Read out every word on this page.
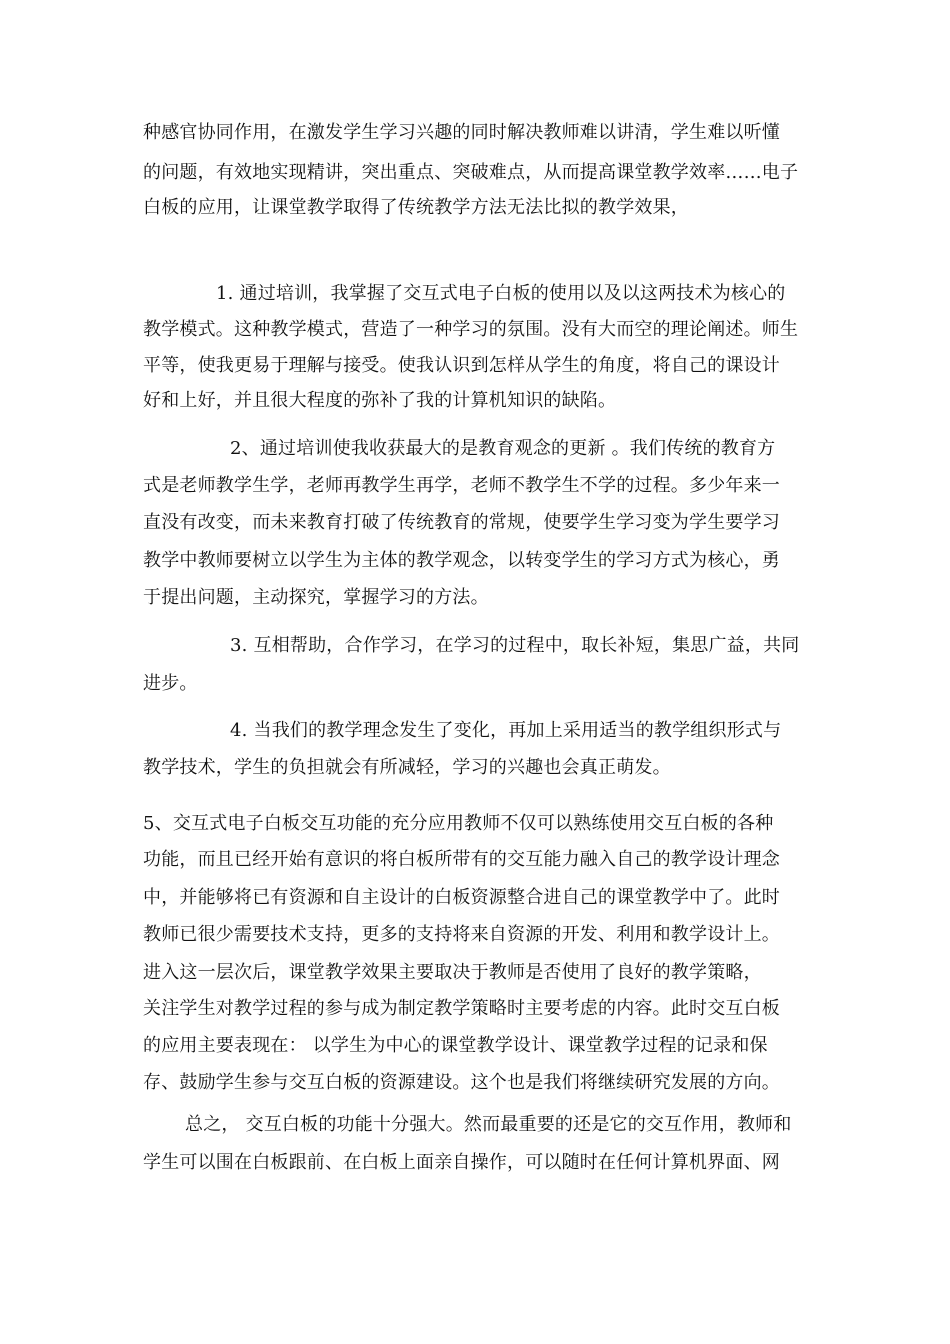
种感官协同作用，在激发学生学习兴趣的同时解决教师难以讲清，学生难以听懂
的问题，有效地实现精讲，突出重点、突破难点，从而提高课堂教学效率……电子
白板的应用，让课堂教学取得了传统教学方法无法比拟的教学效果，
1. 通过培训，我掌握了交互式电子白板的使用以及以这两技术为核心的
教学模式。这种教学模式，营造了一种学习的氛围。没有大而空的理论阐述。师生
平等，使我更易于理解与接受。使我认识到怎样从学生的角度，将自己的课设计
好和上好，并且很大程度的弥补了我的计算机知识的缺陷。
2、通过培训使我收获最大的是教育观念的更新 。我们传统的教育方
式是老师教学生学，老师再教学生再学，老师不教学生不学的过程。多少年来一
直没有改变，而未来教育打破了传统教育的常规，使要学生学习变为学生要学习
教学中教师要树立以学生为主体的教学观念，以转变学生的学习方式为核心，勇
于提出问题，主动探究，掌握学习的方法。
3. 互相帮助，合作学习，在学习的过程中，取长补短，集思广益，共同
进步。
4. 当我们的教学理念发生了变化，再加上采用适当的教学组织形式与
教学技术，学生的负担就会有所减轻，学习的兴趣也会真正萌发。
5、交互式电子白板交互功能的充分应用教师不仅可以熟练使用交互白板的各种
功能，而且已经开始有意识的将白板所带有的交互能力融入自己的教学设计理念
中，并能够将已有资源和自主设计的白板资源整合进自己的课堂教学中了。此时
教师已很少需要技术支持，更多的支持将来自资源的开发、利用和教学设计上。
进入这一层次后，课堂教学效果主要取决于教师是否使用了良好的教学策略，
关注学生对教学过程的参与成为制定教学策略时主要考虑的内容。此时交互白板
的应用主要表现在： 以学生为中心的课堂教学设计、课堂教学过程的记录和保
存、鼓励学生参与交互白板的资源建设。这个也是我们将继续研究发展的方向。
总之， 交互白板的功能十分强大。然而最重要的还是它的交互作用，教师和
学生可以围在白板跟前、在白板上面亲自操作，可以随时在任何计算机界面、网
